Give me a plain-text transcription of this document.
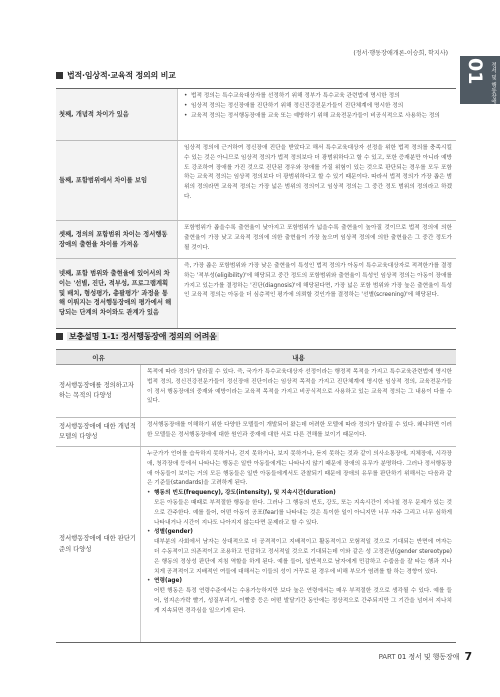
(정서·행동장애개론-이승희, 학지사)
01 정서 및 행동장애
법적·임상적·교육적 정의의 비교
첫째, 개념적 차이가 있음
• 법적 정의는 특수교육대상자를 선정하기 위해 정부가 특수교육 관련법에 명시한 정의
• 임상적 정의는 정신장애를 진단하기 위해 정신건강전문가들이 진단체계에 명시한 정의
• 교육적 정의는 정서행동장애를 교육 또는 예방하기 위해 교육전문가들이 비공식적으로 사용하는 정의
둘째, 포함범위에서 차이를 보임
임상적 정의에 근거하여 정신장애 진단을 받았다고 해서 특수교육대상자 선정을 위한 법적 정의를 충족시킬 수 있는 것은 아니므로 임상적 정의가 법적 정의보다 더 광범위하다고 할 수 있고, 또한 증재분만 아니라 예방도 강조하여 장애를 가진 것으로 진단된 경우와 장애를 가질 위험이 있는 것으로 판단되는 경우를 모두 포함하는 교육적 정의는 임상적 정의보다 더 광범위하다고 할 수 있기 때문이다. 따라서 법적 정의가 가장 좁은 범위의 정의라면 교육적 정의는 가장 넓은 범위의 정의이고 임상적 정의는 그 중간 정도 범위의 정의라고 하겠다.
셋째, 정의의 포함범위 차이는 정서행동장애의 출현율 차이를 가져옴
포함범위가 좁을수록 출현율이 낮아지고 포함범위가 넓을수록 출현율이 높아질 것이므로 법적 정의에 의한 출현율이 가장 낮고 교육적 정의에 의한 출현율이 가장 높으며 임상적 정의에 의한 출현율은 그 중간 정도가 될 것이다.
넷째, 포함 범위와 출현율에 있어서의 차이는 '선별, 진단, 적부성, 프로그램계획 및 배치, 형성평가, 총괄평가' 과정을 통해 이뤄지는 정서행동장애의 평가에서 해당되는 단계의 차이와도 관계가 있음
즉, 가장 좁은 포함범위와 가장 낮은 출현율이 특성인 법적 정의가 아동이 특수교육대상자로 적격한가를 결정하는 '적부성(eligibility)'에 해당되고 중간 정도의 포함범위와 출현율이 특성인 임상적 정의는 아동이 장애를 가지고 있는가를 결정하는 '진단(diagnosis)'에 해당된다면, 가장 넓은 포함 범위와 가장 높은 출현율이 특성인 교육적 정의는 아동을 더 심층적인 평가에 의뢰할 것인가를 결정하는 '선별(screening)'에 해당된다.
보충설명 1-1: 정서행동장애 정의의 어려움
이유	내용
정서행동장애를 정의하고자 하는 목적의 다양성
목적에 따라 정의가 달라질 수 있다. 즉, 국가가 특수교육대상자 선정이라는 행정적 목적을 가지고 특수교육관련법에 명시한 법적 정의, 정신건강전문가들이 정신장애 진단이라는 임상적 목적을 가지고 진단체계에 명시한 임상적 정의, 교육전문가들이 정서 행동장애의 중재와 예방이라는 교육적 목적을 가지고 비공식적으로 사용하고 있는 교육적 정의는 그 내용이 다를 수 있다.
정서행동장애에 대한 개념적 모델의 다양성
정서행동장애를 이해하기 위한 다양한 모델들이 개발되어 왔는데 어려한 모델에 따라 정의가 달라질 수 있다. 왜냐하면 이러한 모델들은 정서행동장애에 대한 원인과 중재에 대한 서로 다른 견해를 보이기 때문이다.
정서행동장애에 대한 판단기준의 다양성
누군가가 언어를 습득하지 못하거나, 걷지 못하거나, 보지 못하거나, 듣지 못하는 것과 같이 의사소통장애, 지체장애, 시각장애, 청각장애 등에서 나타나는 행동은 일반 아동들에게는 나타나지 않기 때문에 장애의 유무가 분명하다. 그러나 정서행동장애 아동들이 보이는 거의 모든 행동들은 일반 아동들에게서도 관찰되기 때문에 장애의 유무를 판단하기 위해서는 다음과 같은 기준들(standards)을 고려하게 된다.
• 행동의 빈도(frequency), 강도(intensity), 및 지속시간(duration)
모든 아동들은 때때로 부적절한 행동을 한다. 그러나 그 행동의 빈도, 강도, 또는 지속시간이 지나칠 경우 문제가 있는 것으로 간주한다. 예를 들어, 어떤 아동이 공포(fear)를 나타내는 것은 특이한 일이 아니지만 너무 자주 그리고 너무 심하게 나타내거나 시간이 지나도 나아지지 않는다면 문제라고 할 수 있다.
• 성별(gender)
대부분의 사회에서 남자는 상대적으로 더 공격적이고 지배적이고 활동적이고 모험적일 것으로 기대되는 반면에 여자는 더 수동적이고 의존적이고 조용하고 민감하고 정서적일 것으로 기대되는데 이와 같은 성 고정관념(gender stereotype)은 행동의 정상성 판단에 지침 역할을 하게 된다. 예를 들어, 일반적으로 남자에게 민감하고 수줍음을 잘 타는 행과 지나치게 공격적이고 지배적인 여들에 대해서는 이들의 성이 거꾸로 된 경우에 비해 부모가 염려를 할 하는 경향이 있다.
• 연령(age)
어떤 행동은 특정 연령수준에서는 수용가능하지만 보다 높은 연령에서는 매우 부적절한 것으로 생각될 수 있다. 예를 들어, 엄지손가락 빨기, 성질부리기, 이빨중 등은 어떤 발달기간 동안에는 정상적으로 간주되지만 그 기간을 넘어서 지나치게 지속되면 경각심을 일으키게 된다.
PART 01 정서 및 행동장애 7
